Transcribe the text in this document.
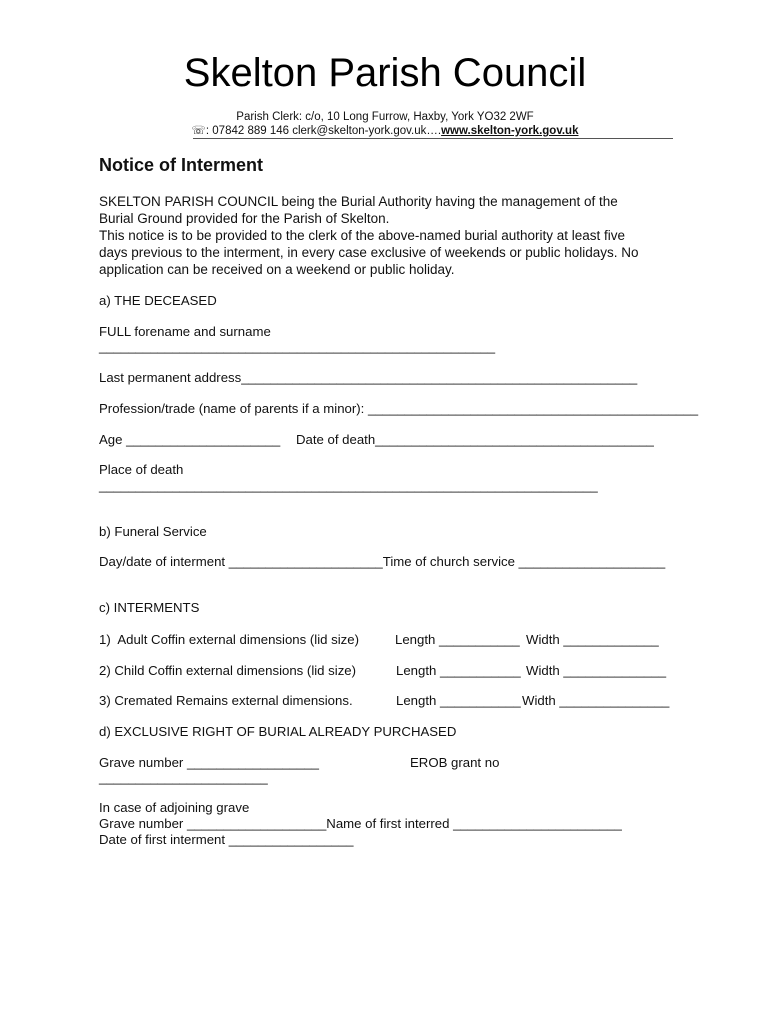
Skelton Parish Council
Parish Clerk: c/o, 10 Long Furrow, Haxby, York YO32 2WF
☏: 07842 889 146 clerk@skelton-york.gov.uk….www.skelton-york.gov.uk
Notice of Interment
SKELTON PARISH COUNCIL being the Burial Authority having the management of the
Burial Ground provided for the Parish of Skelton.
This notice is to be provided to the clerk of the above-named burial authority at least five
days previous to the interment, in every case exclusive of weekends or public holidays. No
application can be received on a weekend or public holiday.
a) THE DECEASED
FULL forename and surname
______________________________________________________
Last permanent address______________________________________________________
Profession/trade (name of parents if a minor): _____________________________________________
Age _____________________ Date of death______________________________________
Place of death
____________________________________________________________________
b) Funeral Service
Day/date of interment _____________________Time of church service ____________________
c) INTERMENTS
1)  Adult Coffin external dimensions (lid size)	Length ___________ Width _____________
2) Child Coffin external dimensions (lid size)	Length ___________ Width ______________
3) Cremated Remains external dimensions.	Length ___________ Width _______________
d) EXCLUSIVE RIGHT OF BURIAL ALREADY PURCHASED
Grave number __________________	EROB grant no
_______________________
In case of adjoining grave
Grave number ___________________Name of first interred _______________________
Date of first interment _________________
